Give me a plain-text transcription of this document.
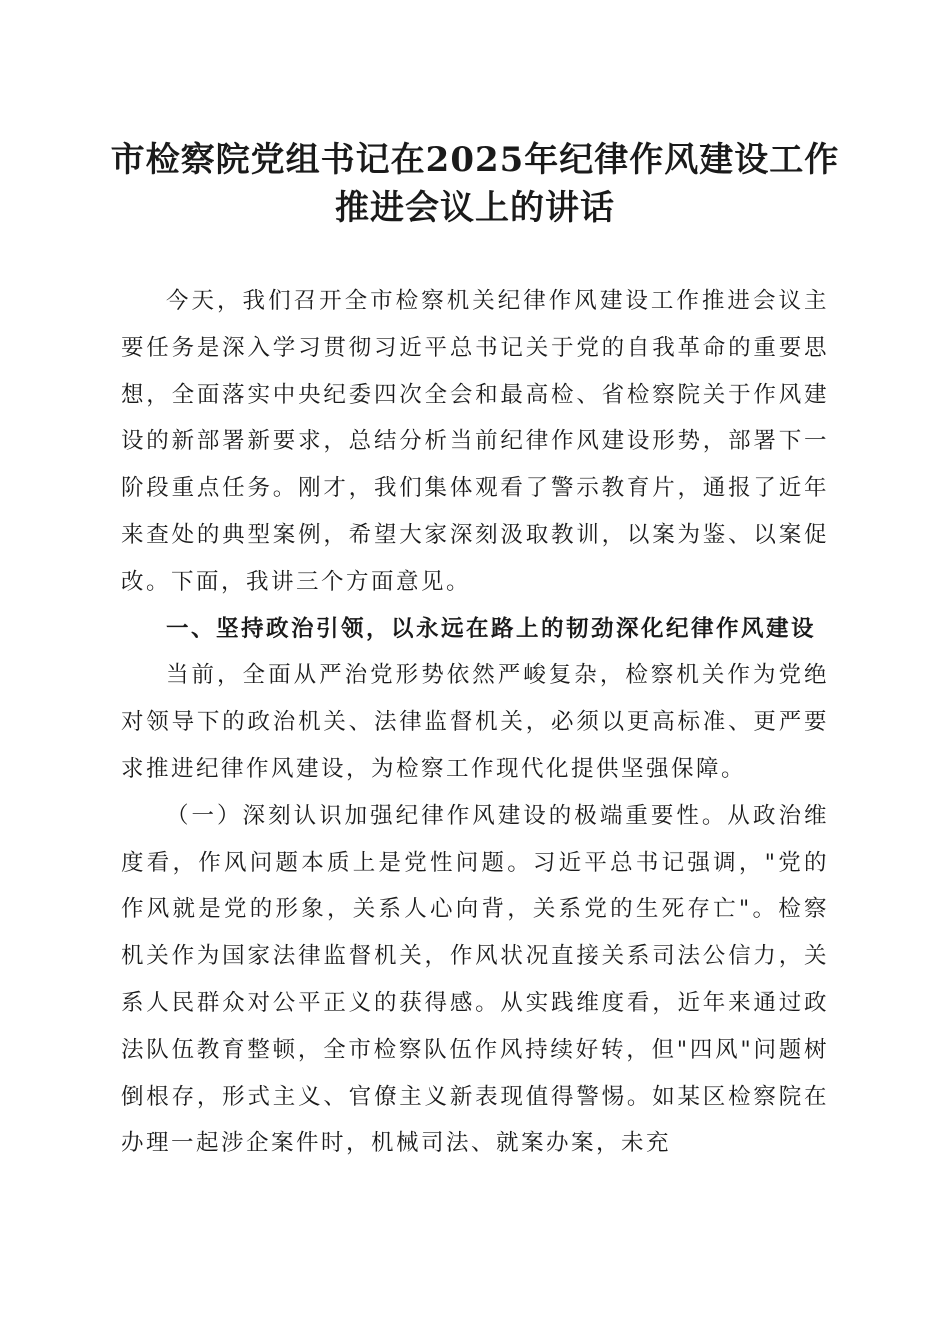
市检察院党组书记在2025年纪律作风建设工作推进会议上的讲话

今天，我们召开全市检察机关纪律作风建设工作推进会议主要任务是深入学习贯彻习近平总书记关于党的自我革命的重要思想，全面落实中央纪委四次全会和最高检、省检察院关于作风建设的新部署新要求，总结分析当前纪律作风建设形势，部署下一阶段重点任务。刚才，我们集体观看了警示教育片，通报了近年来查处的典型案例，希望大家深刻汲取教训，以案为鉴、以案促改。下面，我讲三个方面意见。

一、坚持政治引领，以永远在路上的韧劲深化纪律作风建设

当前，全面从严治党形势依然严峻复杂，检察机关作为党绝对领导下的政治机关、法律监督机关，必须以更高标准、更严要求推进纪律作风建设，为检察工作现代化提供坚强保障。

（一）深刻认识加强纪律作风建设的极端重要性。从政治维度看，作风问题本质上是党性问题。习近平总书记强调，"党的作风就是党的形象，关系人心向背，关系党的生死存亡"。检察机关作为国家法律监督机关，作风状况直接关系司法公信力，关系人民群众对公平正义的获得感。从实践维度看，近年来通过政法队伍教育整顿，全市检察队伍作风持续好转，但"四风"问题树倒根存，形式主义、官僚主义新表现值得警惕。如某区检察院在办理一起涉企案件时，机械司法、就案办案，未充
